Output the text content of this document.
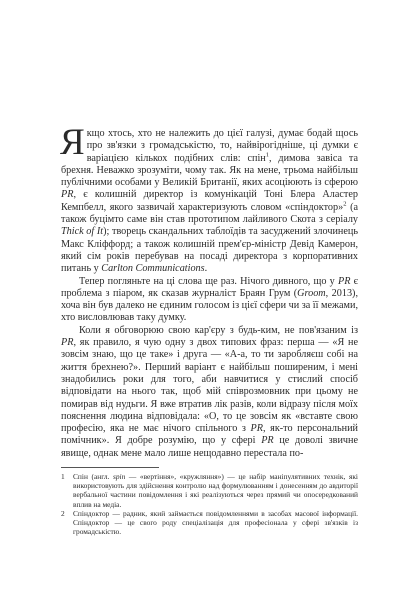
Якщо хтось, хто не належить до цієї галузі, думає бодай щось про зв'язки з громадськістю, то, найвірогідніше, ці думки є варіацією кількох подібних слів: спін$^1$, димова завіса та брехня. Неважко зрозуміти, чому так. Як на мене, трьома найбільш публічними особами у Великій Британії, яких асоціюють із сферою PR, є колишній директор із комунікацій Тоні Блера Аластер Кемпбелл, якого зазвичай характеризують словом «спіндоктор»$^2$ (а також буцімто саме він став прототипом лайливого Скота з серіалу Thick of It); творець скандальних таблоїдів та засуджений злочинець Макс Кліффорд; а також колишній прем'єр-міністр Девід Камерон, який сім років перебував на посаді директора з корпоративних питань у Carlton Communications.

Тепер погляньте на ці слова ще раз. Нічого дивного, що у PR є проблема з піаром, як сказав журналіст Браян Грум (Groom, 2013), хоча він був далеко не єдиним голосом із цієї сфери чи за її межами, хто висловлював таку думку.

Коли я обговорюю свою кар'єру з будь-ким, не пов'язаним із PR, як правило, я чую одну з двох типових фраз: перша — «Я не зовсім знаю, що це таке» і друга — «А-а, то ти заробляєш собі на життя брехнею?». Перший варіант є найбільш поширеним, і мені знадобились роки для того, аби навчитися у стислий спосіб відповідати на нього так, щоб мій співрозмовник при цьому не помирав від нудьги. Я вже втратив лік разів, коли відразу після моїх пояснення людина відповідала: «О, то це зовсім як «вставте свою професію, яка не має нічого спільного з PR, як-то персональний помічник». Я добре розумію, що у сфері PR це доволі звичне явище, однак мене мало лише нещодавно перестала по-

1	Спін (англ. spin — «вертіння», «кружляння») — це набір маніпулятивних технік, які використовують для здійснення контролю над формулюванням і донесенням до авдиторії вербальної частини повідомлення і які реалізуються через прямий чи опосередкований вплив на медіа.

2	Спіндоктор — радник, який займається повідомленнями в засобах масової інформації. Спіндоктор — це свого роду спеціалізація для професіонала у сфері зв'язків із громадськістю.
